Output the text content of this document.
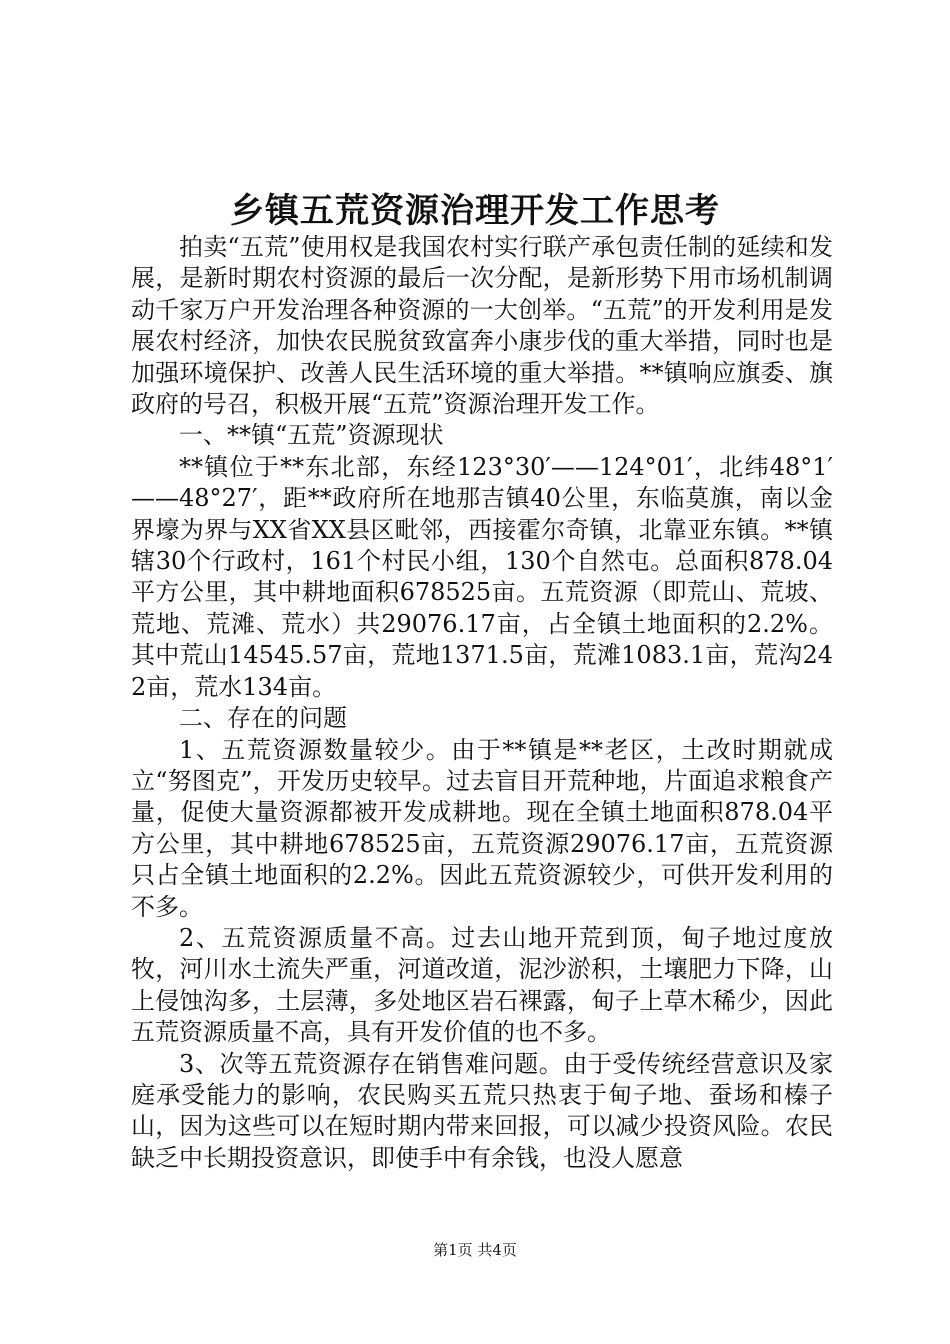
乡镇五荒资源治理开发工作思考

拍卖“五荒”使用权是我国农村实行联产承包责任制的延续和发展，是新时期农村资源的最后一次分配，是新形势下用市场机制调动千家万户开发治理各种资源的一大创举。“五荒”的开发利用是发展农村经济，加快农民脱贫致富奔小康步伐的重大举措，同时也是加强环境保护、改善人民生活环境的重大举措。**镇响应旗委、旗政府的号召，积极开展“五荒”资源治理开发工作。

一、**镇“五荒”资源现状

**镇位于**东北部，东经123°30′——124°01′，北纬48°1′——48°27′，距**政府所在地那吉镇40公里，东临莫旗，南以金界壕为界与XX省XX县区毗邻，西接霍尔奇镇，北靠亚东镇。**镇辖30个行政村，161个村民小组，130个自然屯。总面积878.04平方公里，其中耕地面积678525亩。五荒资源（即荒山、荒坡、荒地、荒滩、荒水）共29076.17亩，占全镇土地面积的2.2%。其中荒山14545.57亩，荒地1371.5亩，荒滩1083.1亩，荒沟242亩，荒水134亩。

二、存在的问题

1、五荒资源数量较少。由于**镇是**老区，土改时期就成立“努图克”，开发历史较早。过去盲目开荒种地，片面追求粮食产量，促使大量资源都被开发成耕地。现在全镇土地面积878.04平方公里，其中耕地678525亩，五荒资源29076.17亩，五荒资源只占全镇土地面积的2.2%。因此五荒资源较少，可供开发利用的不多。

2、五荒资源质量不高。过去山地开荒到顶，甸子地过度放牧，河川水土流失严重，河道改道，泥沙淤积，土壤肥力下降，山上侵蚀沟多，土层薄，多处地区岩石裸露，甸子上草木稀少，因此五荒资源质量不高，具有开发价值的也不多。

3、次等五荒资源存在销售难问题。由于受传统经营意识及家庭承受能力的影响，农民购买五荒只热衷于甸子地、蚕场和榛子山，因为这些可以在短时期内带来回报，可以减少投资风险。农民缺乏中长期投资意识，即使手中有余钱，也没人愿意

第1页 共4页
